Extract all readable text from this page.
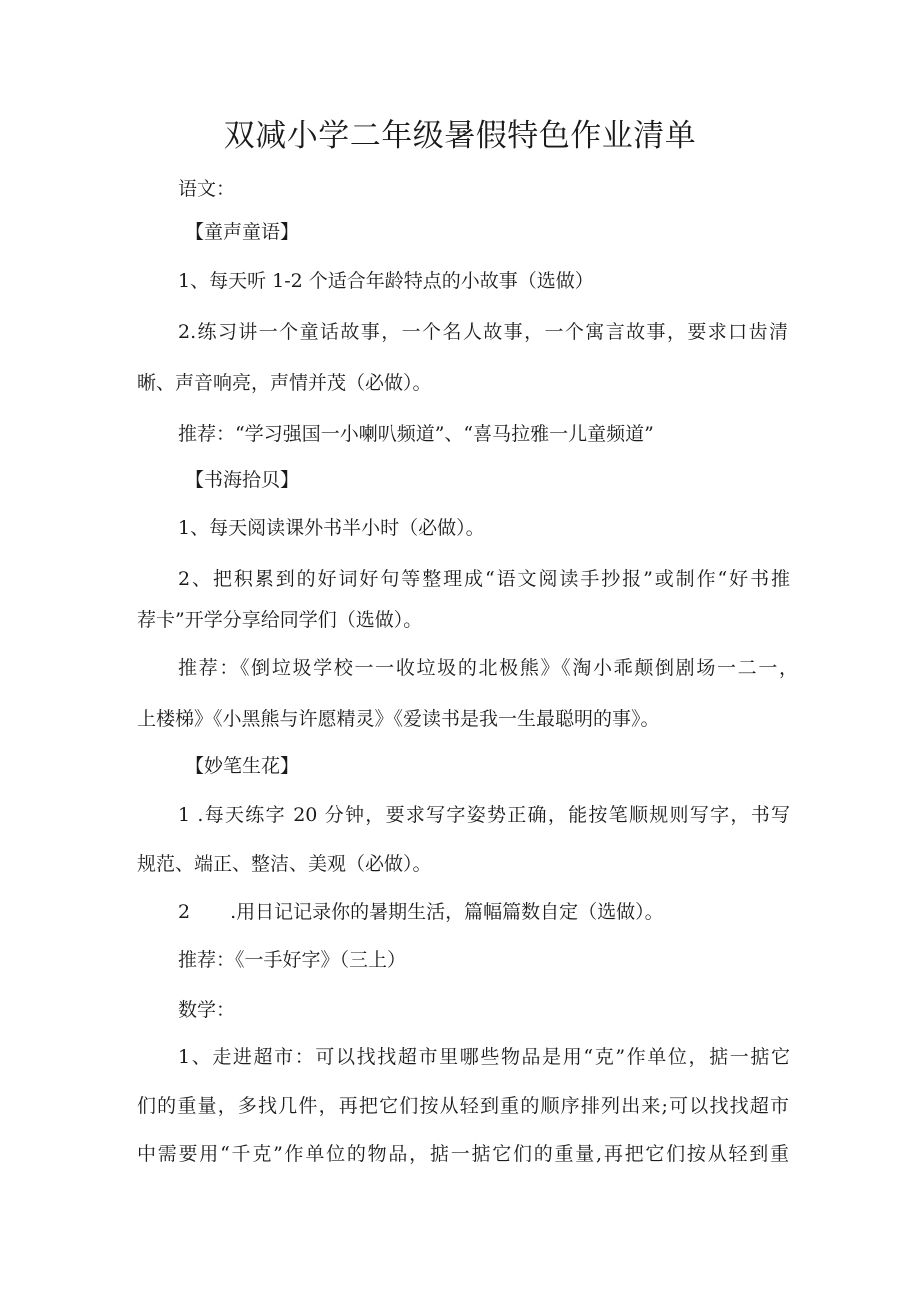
双减小学二年级暑假特色作业清单

语文：

【童声童语】

1、每天听 1-2 个适合年龄特点的小故事（选做）

2.练习讲一个童话故事，一个名人故事，一个寓言故事，要求口齿清

晰、声音响亮，声情并茂（必做）。

推荐：“学习强国一小喇叭频道”、“喜马拉雅一儿童频道”

【书海拾贝】

1、每天阅读课外书半小时（必做）。

2、把积累到的好词好句等整理成“语文阅读手抄报”或制作“好书推

荐卡”开学分享给同学们（选做）。

推荐：《倒垃圾学校一一收垃圾的北极熊》《淘小乖颠倒剧场一二一，

上楼梯》《小黑熊与许愿精灵》《爱读书是我一生最聪明的事》。

【妙笔生花】

1 .每天练字 20 分钟，要求写字姿势正确，能按笔顺规则写字，书写

规范、端正、整洁、美观（必做）。

2 .用日记记录你的暑期生活，篇幅篇数自定（选做）。

推荐：《一手好字》（三上）

数学：

1、走进超市：可以找找超市里哪些物品是用“克”作单位，掂一掂它

们的重量，多找几件，再把它们按从轻到重的顺序排列出来;可以找找超市

中需要用“千克”作单位的物品，掂一掂它们的重量,再把它们按从轻到重
